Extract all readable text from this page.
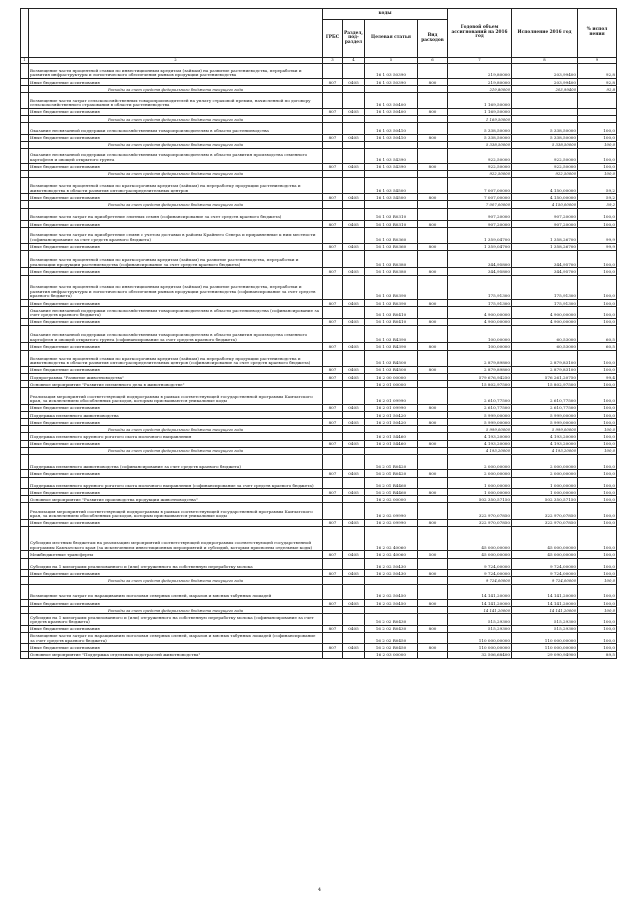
		коды				Годовой объем ассигнований на 2016 год	Исполнение 2016 год	% испол нения
		ГРБС	Раздел, под-раздел	Целевая статья	Вид расходов			
1	2	3	4	5	6	7	8	9
	Возмещение части процентной ставки по инвестиционным кредитам (займам) на развитие растениеводства, переработки и развития инфраструктуры и логистического обеспечения рынков продукции растениеводства			16 1 03 50390		219,80000	203,99400	92,8
	Иные бюджетные ассигнования	807	0405	16 1 03 50390	800	219,80000	203,99400	92,8
	Расходы за счет средств федерального бюджета текущего года					219,80000	203,99400	92,8
	Возмещение части затрат сельскохозяйственных товаропроизводителей на уплату страховой премии, начисленной по договору сельскохозяйственного страхования в области растениеводства			16 1 03 50400		1 169,50000		
	Иные бюджетные ассигнования	807	0405	16 1 03 50400	800	1 169,50000		
	Расходы за счет средств федерального бюджета текущего года					1 169,50000		
	Оказание несвязанной поддержки сельскохозяйственным товаропроизводителям в области растениеводства			16 1 03 50410		5 338,50000	5 338,50000	100,0
	Иные бюджетные ассигнования	807	0405	16 1 03 50410	800	5 338,50000	5 338,50000	100,0
	Расходы за счет средств федерального бюджета текущего года					5 338,50000	5 338,50000	100,0
	Оказание несвязанной поддержки сельскохозяйственным товаропроизводителям в области развития производства семенного картофеля и овощей открытого грунта			16 1 03 54390		922,50000	922,50000	100,0
	Иные бюджетные ассигнования	807	0405	16 1 03 54390	800	922,50000	922,50000	100,0
	Расходы за счет средств федерального бюджета текущего года					922,50000	922,50000	100,0
	Возмещение части процентной ставки по краткосрочным кредитам (займам) на переработку продукции растениеводства и животноводства в области развития оптово-распределительных центров			16 1 03 54500		7 007,00000	4 150,00000	59,2
	Иные бюджетные ассигнования	807	0405	16 1 03 54500	800	7 007,00000	4 150,00000	59,2
	Расходы за счет средств федерального бюджета текущего года					7 007,00000	4 150,00000	59,2
	Возмещение части затрат на приобретение элитных семян (софинансирование за счет средств краевого бюджета)			16 1 03 R0310		907,20000	907,20000	100,0
	Иные бюджетные ассигнования	807	0405	16 1 03 R0310	800	907,20000	907,20000	100,0
	Возмещение части затрат на приобретение семян с учетом доставки в районы Крайнего Севера и приравненные к ним местности (софинансирование за счет средств краевого бюджета)			16 1 03 R0360		1 359,04700	1 358,26700	99,9
	Иные бюджетные ассигнования	807	0405	16 1 03 R0360	800	1 359,04700	1 358,26700	99,9
	Возмещение части процентной ставки по краткосрочным кредитам (займам) на развитие растениеводства, переработки и реализации продукции растениеводства (софинансирование за счет средств краевого бюджета)			16 1 03 R0380		344,95800	344,95700	100,0
	Иные бюджетные ассигнования	807	0405	16 1 03 R0380	800	344,95800	344,95700	100,0
	Возмещение части процентной ставки по инвестиционным кредитам (займам) на развитие растениеводства, переработки и развития инфраструктуры и логистического обеспечения рынков продукции растениеводства (софинансирование за счет средств краевого бюджета)			16 1 03 R0390		175,91300	175,91300	100,0
	Иные бюджетные ассигнования	807	0405	16 1 03 R0390	800	175,91300	175,91300	100,0
	Оказание несвязанной поддержки сельскохозяйственным товаропроизводителям в области растениеводства (софинансирование за счет средств краевого бюджета)			16 1 03 R0410		4 900,00000	4 900,00000	100,0
	Иные бюджетные ассигнования	807	0405	16 1 03 R0410	800	4 900,00000	4 900,00000	100,0
	Оказание несвязанной поддержки сельскохозяйственным товаропроизводителям в области развития производства семенного картофеля и овощей открытого грунта (софинансирование за счет средств краевого бюджета)			16 1 03 R4390		100,00000	60,53000	60,5
	Иные бюджетные ассигнования	807	0405	16 1 03 R4390	800	100,00000	60,53000	60,5
	Возмещение части процентной ставки по краткосрочным кредитам (займам) на переработку продукции растениеводства и животноводства в области развития оптово-распределительных центров (софинансирование за счет средств краевого бюджета)			16 1 03 R4500		2 879,89800	2 879,83100	100,0
	Иные бюджетные ассигнования	807	0405	16 1 03 R4500	800	2 879,89800	2 879,83100	100,0
	Подпрограмма "Развитие животноводства"	807	0405	16 2 00 00000		579 676,94250	576 261,20750	99,4
	Основное мероприятие "Развитие племенного дела в животноводстве"			16 2 01 00000		15 802,97500	15 802,97500	100,0
	Реализация мероприятий соответствующей подпрограммы в рамках соответствующей государственной программы Камчатского края, за исключением обособленных расходов, которым присваиваются уникальные коды			16 2 01 09990		2 610,77500	2 610,77500	100,0
	Иные бюджетные ассигнования	807	0405	16 2 01 09990	800	2 610,77500	2 610,77500	100,0
	Поддержка племенного животноводства			16 2 01 50420		5 999,00000	5 999,00000	100,0
	Иные бюджетные ассигнования	807	0405	16 2 01 50420	800	5 999,00000	5 999,00000	100,0
	Расходы за счет средств федерального бюджета текущего года					5 999,00000	5 999,00000	100,0
	Поддержка племенного крупного рогатого скота молочного направления			16 2 01 54460		4 193,20000	4 193,20000	100,0
	Иные бюджетные ассигнования	807	0405	16 2 01 54460	800	4 193,20000	4 193,20000	100,0
	Расходы за счет средств федерального бюджета текущего года					4 193,20000	4 193,20000	100,0
	Поддержка племенного животноводства (софинансирование за счет средств краевого бюджета)			16 2 01 R0420		2 000,00000	2 000,00000	100,0
	Иные бюджетные ассигнования	807	0405	16 2 01 R0420	800	2 000,00000	2 000,00000	100,0
	Поддержка племенного крупного рогатого скота молочного направления (софинансирование за счет средств краевого бюджета)			16 2 01 R4460		1 000,00000	1 000,00000	100,0
	Иные бюджетные ассигнования	807	0405	16 2 01 R4460	800	1 000,00000	1 000,00000	100,0
	Основное мероприятие "Развитие производства продукции животноводства"			16 2 02 00000		502 350,57150	502 350,57150	100,0
	Реализация мероприятий соответствующей подпрограммы в рамках соответствующей государственной программы Камчатского края, за исключением обособленных расходов, которым присваиваются уникальные коды			16 2 02 09990		322 970,07850	322 970,07850	100,0
	Иные бюджетные ассигнования	807	0405	16 2 02 09990	800	322 970,07850	322 970,07850	100,0
	Субсидии местным бюджетам на реализацию мероприятий соответствующей подпрограммы соответствующей государственной программы Камчатского края (за исключением инвестиционных мероприятий и субсидий, которым присвоены отдельные коды)			16 2 02 40060		45 000,00000	45 000,00000	100,0
	Межбюджетные трансферты	807	0405	16 2 02 40060	500	45 000,00000	45 000,00000	100,0
	Субсидии на 1 килограмм реализованного и (или) отгруженного на собственную переработку молока			16 2 02 50430		9 724,00000	9 724,00000	100,0
	Иные бюджетные ассигнования	807	0405	16 2 02 50430	800	9 724,00000	9 724,00000	100,0
	Расходы за счет средств федерального бюджета текущего года					9 724,00000	9 724,00000	100,0
	Возмещение части затрат по наращиванию поголовья северных оленей, маралов и мясных табунных лошадей			16 2 02 50450		14 141,20000	14 141,20000	100,0
	Иные бюджетные ассигнования	807	0405	16 2 02 50450	800	14 141,20000	14 141,20000	100,0
	Расходы за счет средств федерального бюджета текущего года					14 141,20000	14 141,20000	100,0
	Субсидии на 1 килограмм реализованного и (или) отгруженного на собственную переработку молока (софинансирование за счет средств краевого бюджета)			16 2 02 R0430		515,29300	515,29300	100,0
	Иные бюджетные ассигнования	807	0405	16 2 02 R0430	800	515,29300	515,29300	100,0
	Возмещение части затрат по наращиванию поголовья северных оленей, маралов и мясных табунных лошадей (софинансирование за счет средств краевого бюджета)			16 2 02 R0450		110 000,00000	110 000,00000	100,0
	Иные бюджетные ассигнования	807	0405	16 2 02 R0450	800	110 000,00000	110 000,00000	100,0
	Основное мероприятие "Поддержка отдельных подотраслей животноводства"			16 2 03 00000		32 506,68400	29 090,94900	89,5
4
